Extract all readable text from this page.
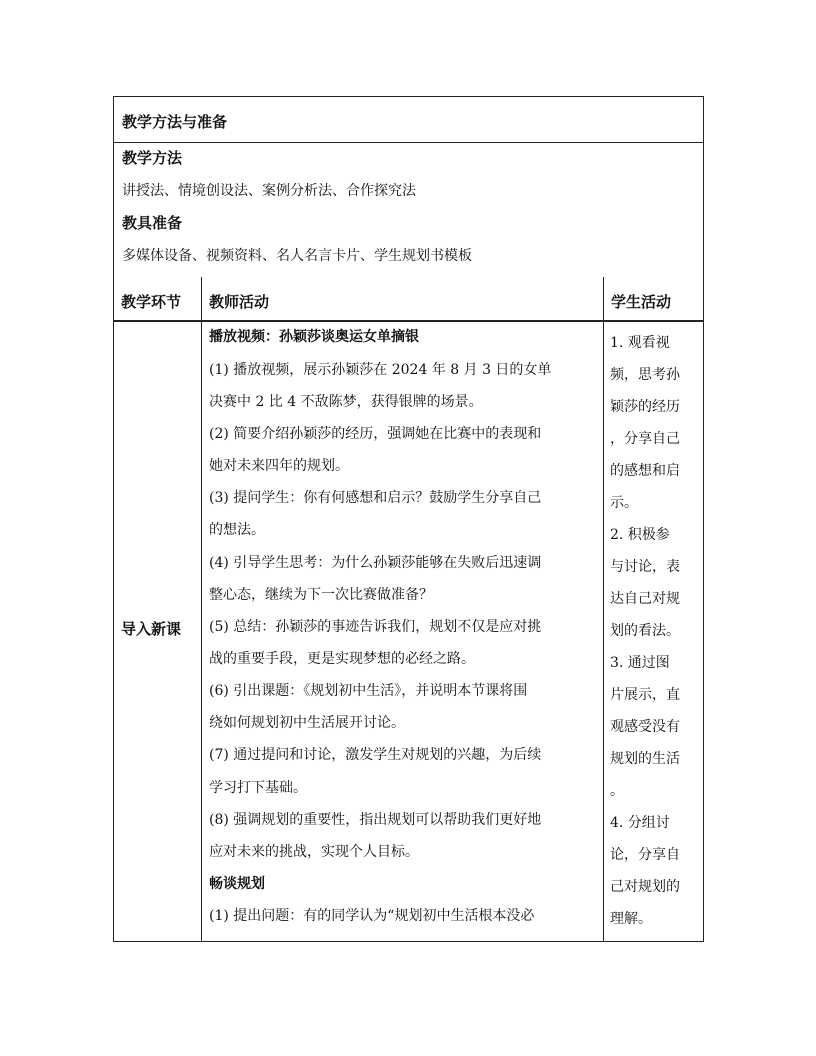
教学方法与准备
教学方法
讲授法、情境创设法、案例分析法、合作探究法
教具准备
多媒体设备、视频资料、名人名言卡片、学生规划书模板
教学环节 教师活动	学生活动
导入新课
播放视频：孙颖莎谈奥运女单摘银
(1) 播放视频，展示孙颖莎在 2024 年 8 月 3 日的女单
决赛中 2 比 4 不敌陈梦，获得银牌的场景。
(2) 简要介绍孙颖莎的经历，强调她在比赛中的表现和
她对未来四年的规划。
(3) 提问学生：你有何感想和启示？鼓励学生分享自己
的想法。
(4) 引导学生思考：为什么孙颖莎能够在失败后迅速调
整心态，继续为下一次比赛做准备？
(5) 总结：孙颖莎的事迹告诉我们，规划不仅是应对挑
战的重要手段，更是实现梦想的必经之路。
(6) 引出课题：《规划初中生活》，并说明本节课将围
绕如何规划初中生活展开讨论。
(7) 通过提问和讨论，激发学生对规划的兴趣，为后续
学习打下基础。
(8) 强调规划的重要性，指出规划可以帮助我们更好地
应对未来的挑战，实现个人目标。
畅谈规划
(1) 提出问题：有的同学认为“规划初中生活根本没必
1. 观看视
频，思考孙
颖莎的经历
，分享自己
的感想和启
示。
2. 积极参
与讨论，表
达自己对规
划的看法。
3. 通过图
片展示，直
观感受没有
规划的生活
。
4. 分组讨
论，分享自
己对规划的
理解。
